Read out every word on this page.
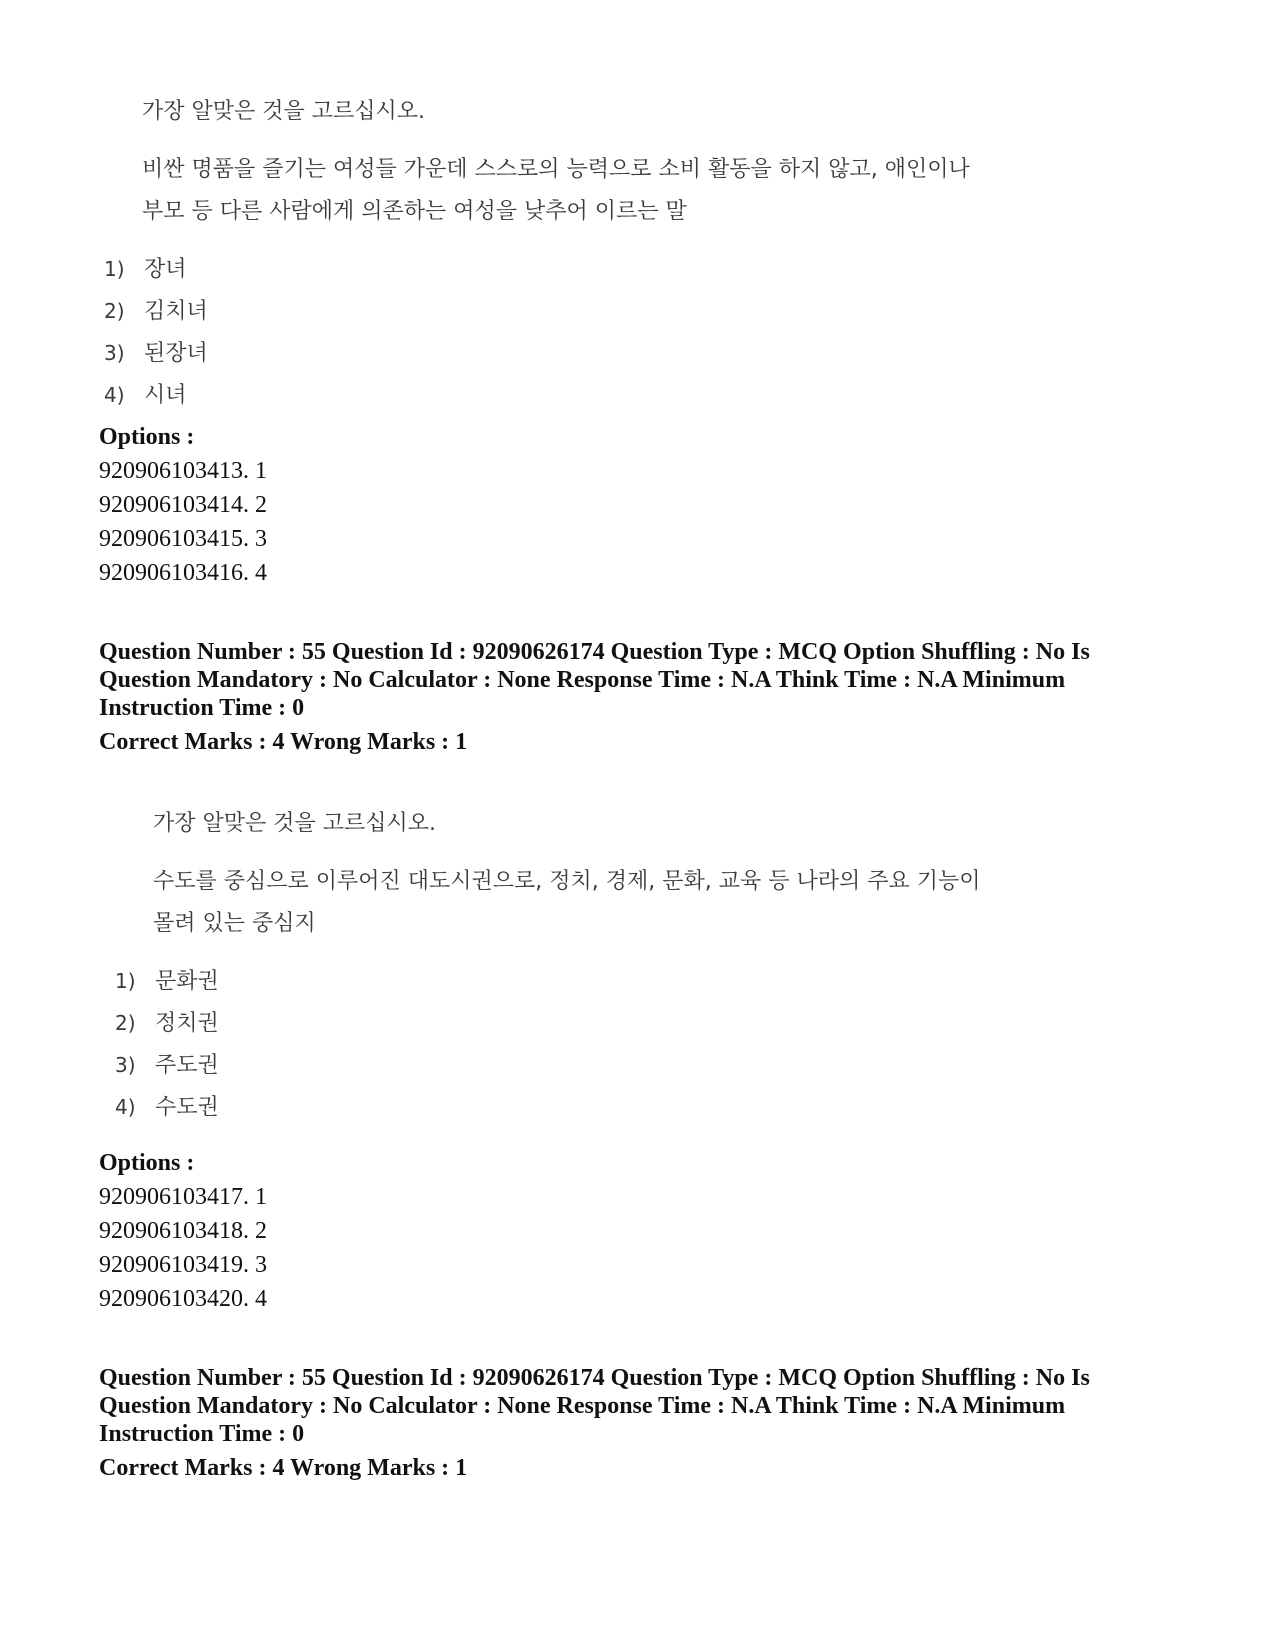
가장 알맞은 것을 고르십시오.
비싼 명품을 즐기는 여성들 가운데 스스로의 능력으로 소비 활동을 하지 않고, 애인이나
부모 등 다른 사람에게 의존하는 여성을 낮추어 이르는 말
1) 장녀
2) 김치녀
3) 된장녀
4) 시녀
Options :
920906103413. 1
920906103414. 2
920906103415. 3
920906103416. 4
Question Number : 55 Question Id : 92090626174 Question Type : MCQ Option Shuffling : No Is
Question Mandatory : No Calculator : None Response Time : N.A Think Time : N.A Minimum
Instruction Time : 0
Correct Marks : 4 Wrong Marks : 1
가장 알맞은 것을 고르십시오.
수도를 중심으로 이루어진 대도시권으로, 정치, 경제, 문화, 교육 등 나라의 주요 기능이
몰려 있는 중심지
1) 문화권
2) 정치권
3) 주도권
4) 수도권
Options :
920906103417. 1
920906103418. 2
920906103419. 3
920906103420. 4
Question Number : 55 Question Id : 92090626174 Question Type : MCQ Option Shuffling : No Is
Question Mandatory : No Calculator : None Response Time : N.A Think Time : N.A Minimum
Instruction Time : 0
Correct Marks : 4 Wrong Marks : 1
